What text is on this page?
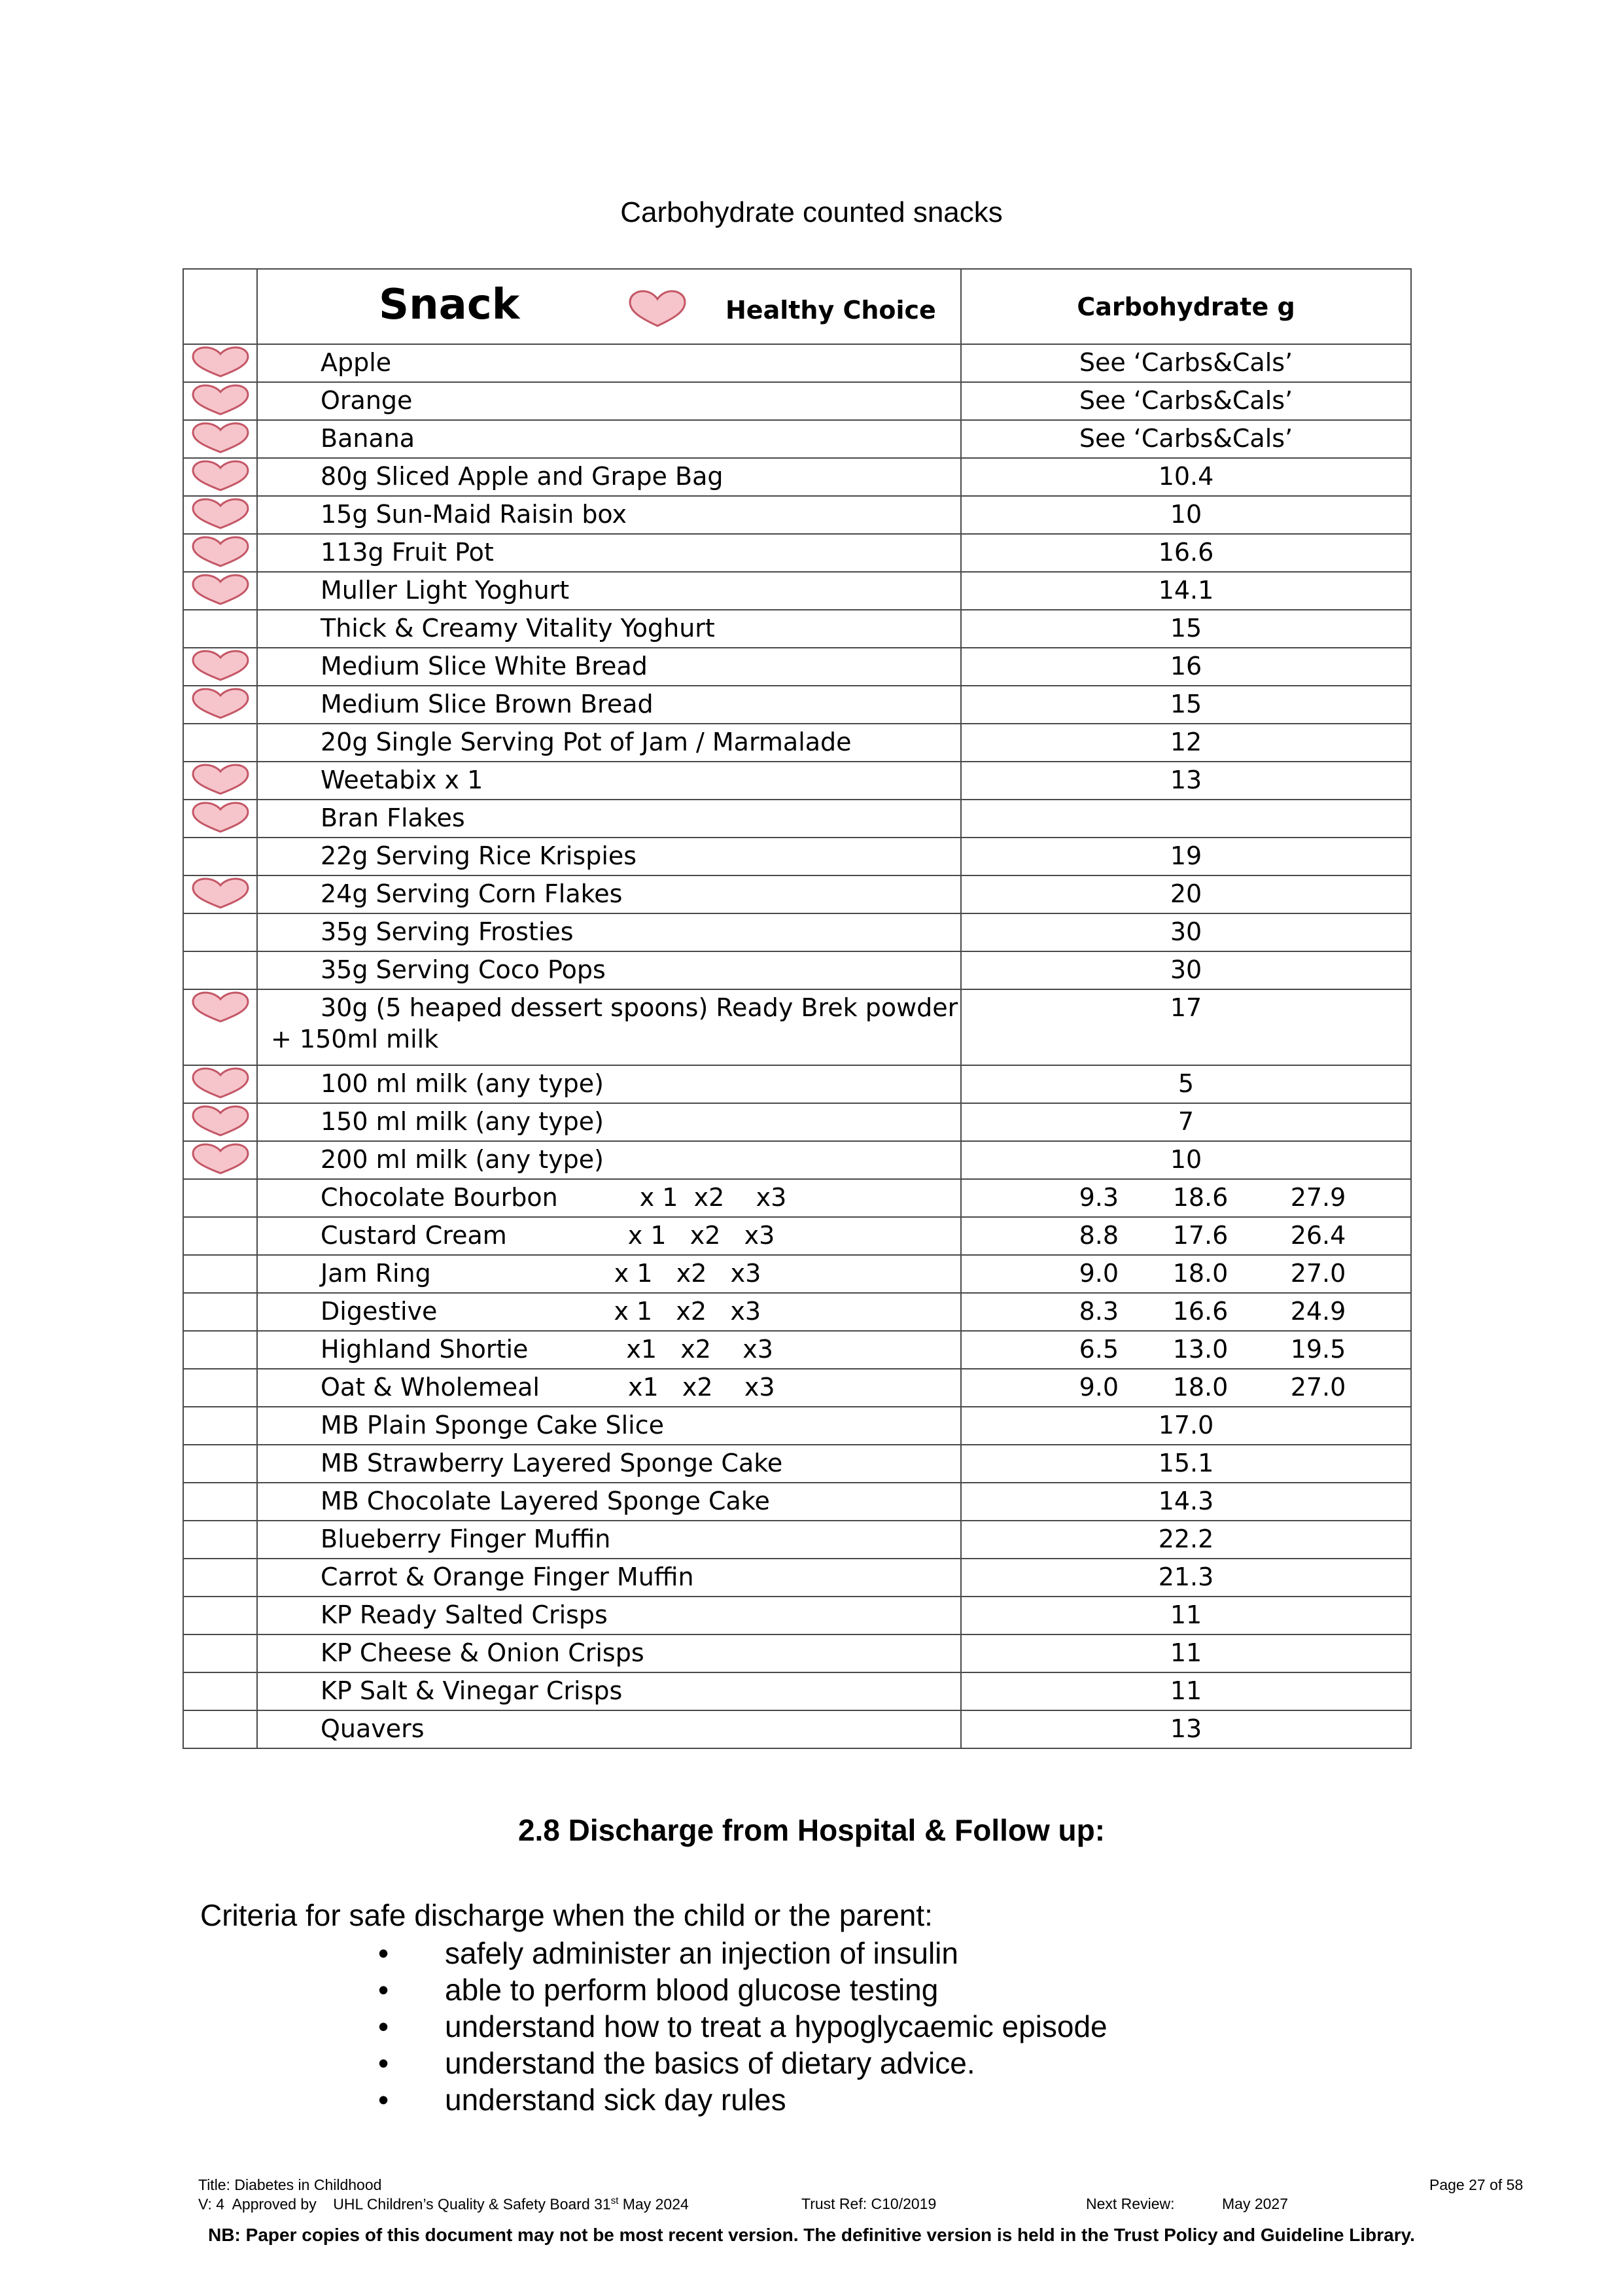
Carbohydrate counted snacks

	Snack Healthy Choice	Carbohydrate g

Apple	See ‘Carbs&Cals’

Orange	See ‘Carbs&Cals’

Banana	See ‘Carbs&Cals’

80g Sliced Apple and Grape Bag	10.4

15g Sun-Maid Raisin box	10

113g Fruit Pot	16.6

Muller Light Yoghurt	14.1

	Thick & Creamy Vitality Yoghurt	15

Medium Slice White Bread	16

Medium Slice Brown Bread	15

	20g Single Serving Pot of Jam / Marmalade	12

Weetabix x 1	13

Bran Flakes	

	22g Serving Rice Krispies	19

24g Serving Corn Flakes	20

	35g Serving Frosties	30

	35g Serving Coco Pops	30

30g (5 heaped dessert spoons) Ready Brek powder + 150ml milk	17

100 ml milk (any type)	5

150 ml milk (any type)	7

200 ml milk (any type)	10

	Chocolate Bourbon x 1  x2    x3	9.3 18.6 27.9

	Custard Cream x 1   x2   x3	8.8 17.6 26.4

	Jam Ring x 1   x2   x3	9.0 18.0 27.0

	Digestive x 1   x2   x3	8.3 16.6 24.9

	Highland Shortie x1   x2    x3	6.5 13.0 19.5

	Oat & Wholemeal x1   x2    x3	9.0 18.0 27.0

	MB Plain Sponge Cake Slice	17.0

	MB Strawberry Layered Sponge Cake	15.1

	MB Chocolate Layered Sponge Cake	14.3

	Blueberry Finger Muffin	22.2

	Carrot & Orange Finger Muffin	21.3

	KP Ready Salted Crisps	11

	KP Cheese & Onion Crisps	11

	KP Salt & Vinegar Crisps	11

	Quavers	13
2.8 Discharge from Hospital & Follow up:
Criteria for safe discharge when the child or the parent:
• safely administer an injection of insulin
• able to perform blood glucose testing
• understand how to treat a hypoglycaemic episode
• understand the basics of dietary advice.
• understand sick day rules
Title: Diabetes in Childhood	Page 27 of 58
V: 4  Approved by    UHL Children’s Quality & Safety Board 31st May 2024	Trust Ref: C10/2019	Next Review:	May 2027
NB: Paper copies of this document may not be most recent version. The definitive version is held in the Trust Policy and Guideline Library.
